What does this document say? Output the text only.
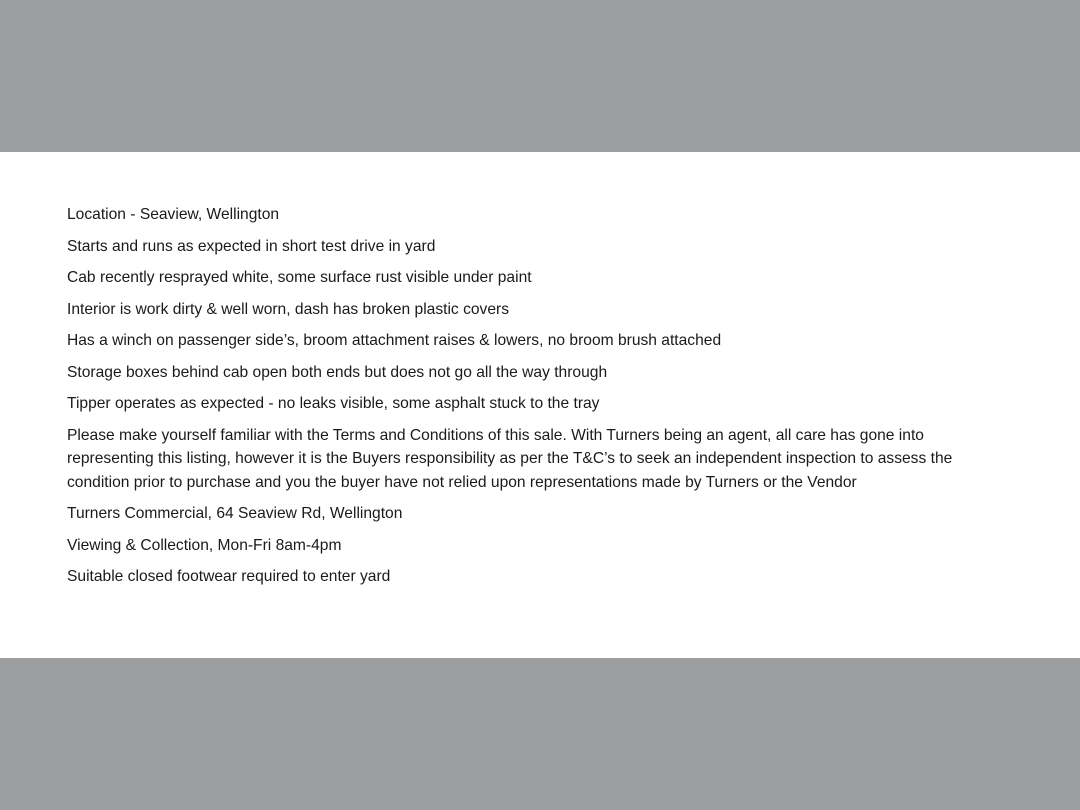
Location - Seaview, Wellington
Starts and runs as expected in short test drive in yard
Cab recently resprayed white, some surface rust visible under paint
Interior is work dirty & well worn, dash has broken plastic covers
Has a winch on passenger side’s, broom attachment raises & lowers, no broom brush attached
Storage boxes behind cab open both ends but does not go all the way through
Tipper operates as expected - no leaks visible, some asphalt stuck to the tray
Please make yourself familiar with the Terms and Conditions of this sale. With Turners being an agent, all care has gone into representing this listing, however it is the Buyers responsibility as per the T&C’s to seek an independent inspection to assess the condition prior to purchase and you the buyer have not relied upon representations made by Turners or the Vendor
Turners Commercial, 64 Seaview Rd, Wellington
Viewing & Collection, Mon-Fri 8am-4pm
Suitable closed footwear required to enter yard
